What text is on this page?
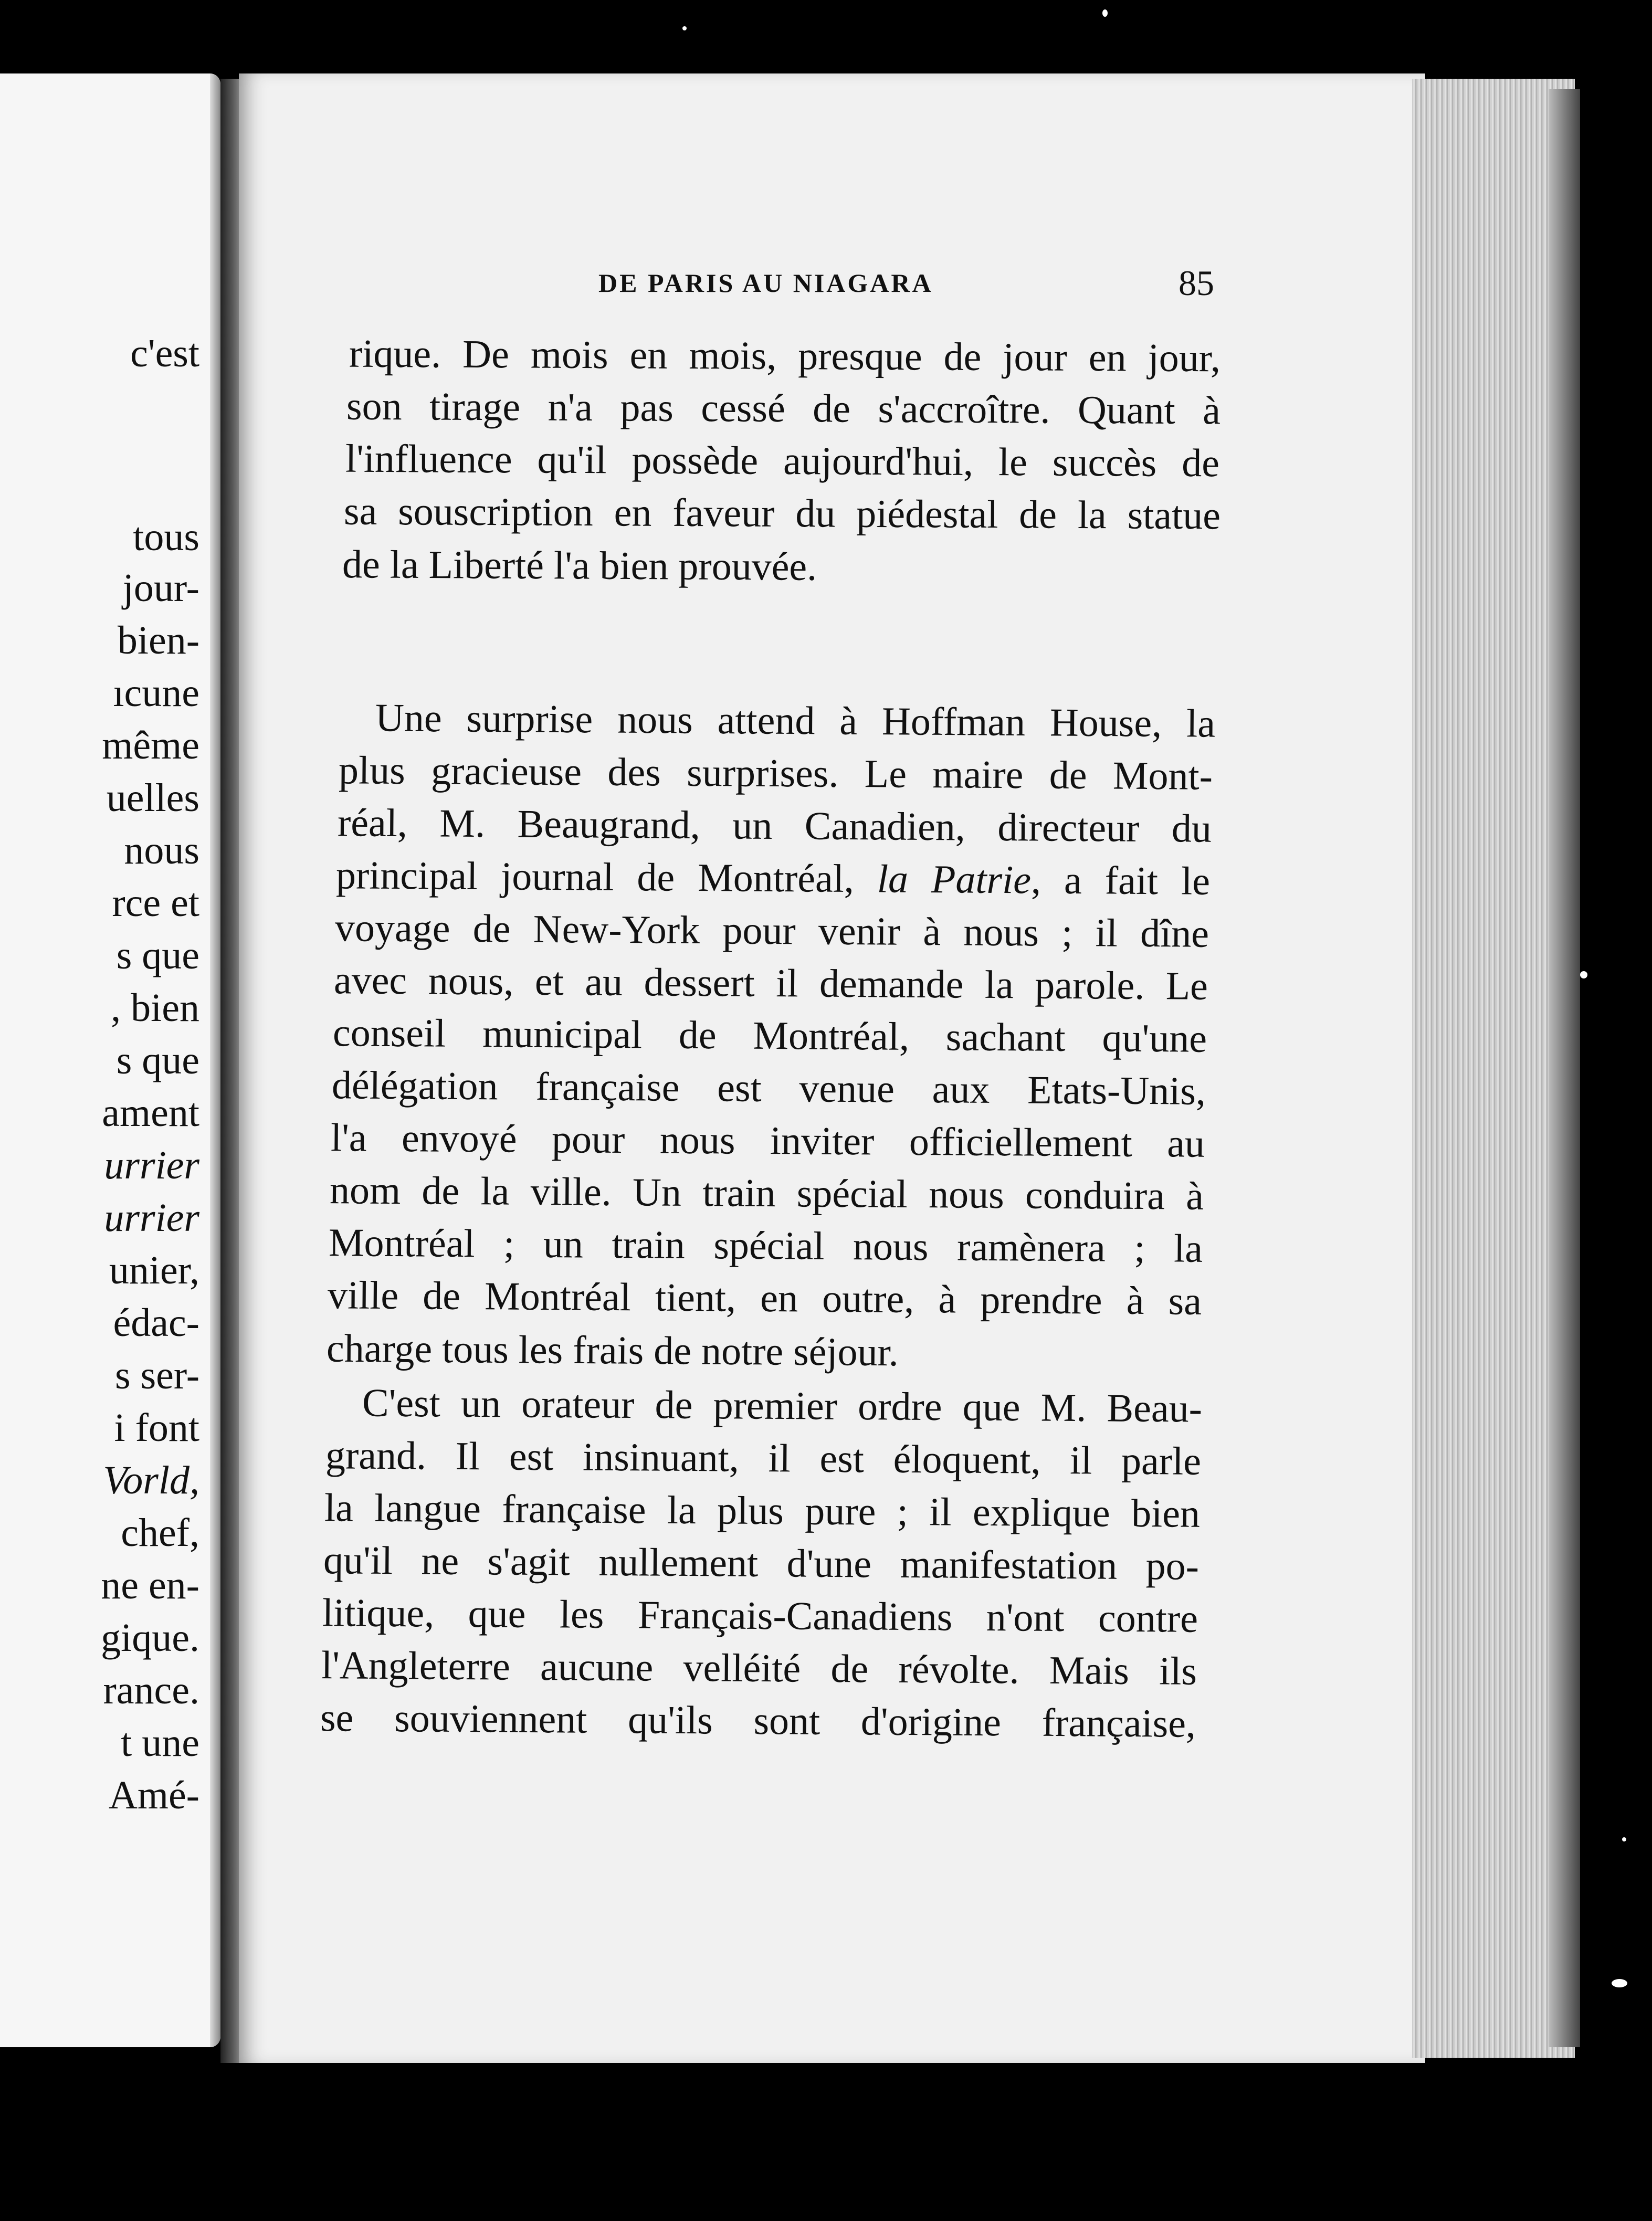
c'est
tous
jour-
bien-
ıcune
même
uelles
nous
rce et
s que
, bien
s que
ament
urrier
urrier
unier,
édac-
s ser-
i font
Vorld,
chef,
ne en-
gique.
rance.
t une
Amé-
DE PARIS AU NIAGARA	85
rique. De mois en mois, presque de jour en jour,
son tirage n'a pas cessé de s'accroître. Quant à
l'influence qu'il possède aujourd'hui, le succès de
sa souscription en faveur du piédestal de la statue
de la Liberté l'a bien prouvée.
Une surprise nous attend à Hoffman House, la
plus gracieuse des surprises. Le maire de Mont-
réal, M. Beaugrand, un Canadien, directeur du
principal journal de Montréal, la Patrie, a fait le
voyage de New-York pour venir à nous ; il dîne
avec nous, et au dessert il demande la parole. Le
conseil municipal de Montréal, sachant qu'une
délégation française est venue aux Etats-Unis,
l'a envoyé pour nous inviter officiellement au
nom de la ville. Un train spécial nous conduira à
Montréal ; un train spécial nous ramènera ; la
ville de Montréal tient, en outre, à prendre à sa
charge tous les frais de notre séjour.
C'est un orateur de premier ordre que M. Beau-
grand. Il est insinuant, il est éloquent, il parle
la langue française la plus pure ; il explique bien
qu'il ne s'agit nullement d'une manifestation po-
litique, que les Français-Canadiens n'ont contre
l'Angleterre aucune velléité de révolte. Mais ils
se souviennent qu'ils sont d'origine française,
